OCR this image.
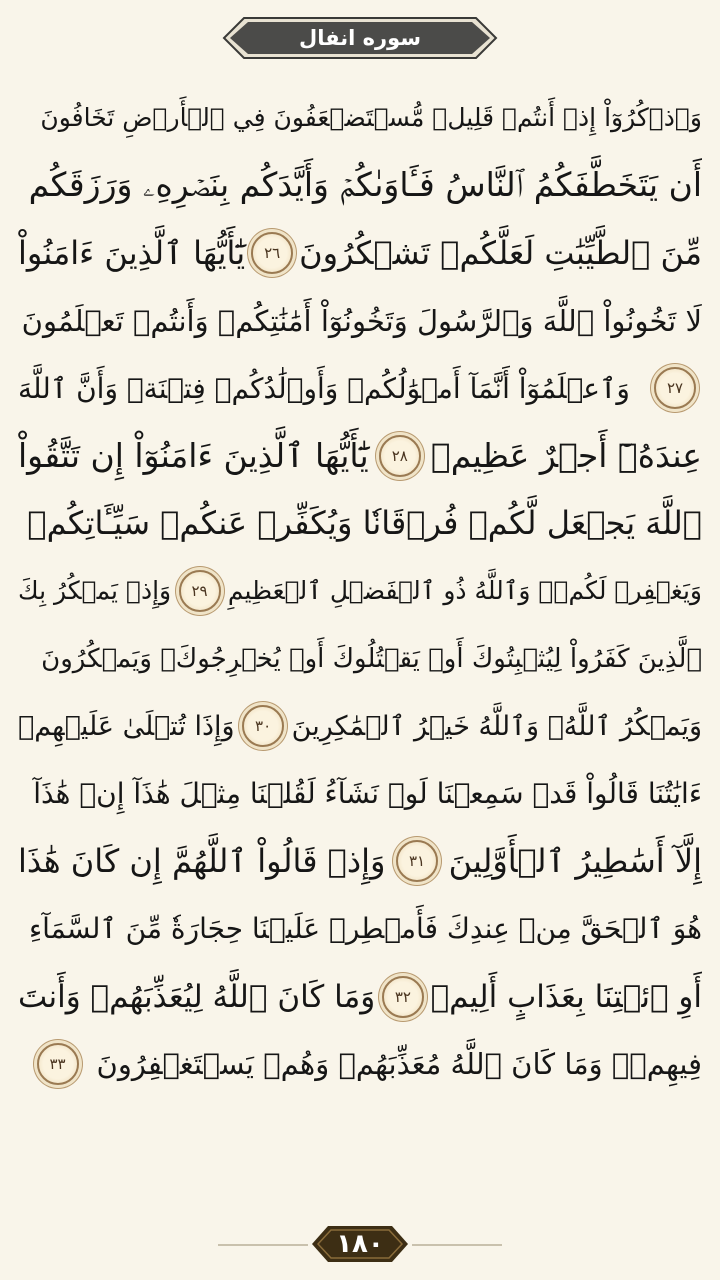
سوره انفال
وَٱذۡكُرُوٓاْ إِذۡ أَنتُمۡ قَلِيلٞ مُّسۡتَضۡعَفُونَ فِي ٱلۡأَرۡضِ تَخَافُونَ
أَن يَتَخَطَّفَكُمُ ٱلنَّاسُ فَـَٔاوَىٰكُمۡ وَأَيَّدَكُم بِنَصۡرِهِۦ وَرَزَقَكُم
مِّنَ ٱلطَّيِّبَٰتِ لَعَلَّكُمۡ تَشۡكُرُونَ
٢٦
يَٰٓأَيُّهَا ٱلَّذِينَ ءَامَنُواْ
لَا تَخُونُواْ ٱللَّهَ وَٱلرَّسُولَ وَتَخُونُوٓاْ أَمَٰنَٰتِكُمۡ وَأَنتُمۡ تَعۡلَمُونَ
٢٧
وَٱعۡلَمُوٓاْ أَنَّمَآ أَمۡوَٰلُكُمۡ وَأَوۡلَٰدُكُمۡ فِتۡنَةٞ وَأَنَّ ٱللَّهَ
عِندَهُۥٓ أَجۡرٌ عَظِيمٞ
٢٨
يَٰٓأَيُّهَا ٱلَّذِينَ ءَامَنُوٓاْ إِن تَتَّقُواْ
ٱللَّهَ يَجۡعَل لَّكُمۡ فُرۡقَانٗا وَيُكَفِّرۡ عَنكُمۡ سَيِّـَٔاتِكُمۡ
وَيَغۡفِرۡ لَكُمۡۗ وَٱللَّهُ ذُو ٱلۡفَضۡلِ ٱلۡعَظِيمِ
٢٩
وَإِذۡ يَمۡكُرُ بِكَ
ٱلَّذِينَ كَفَرُواْ لِيُثۡبِتُوكَ أَوۡ يَقۡتُلُوكَ أَوۡ يُخۡرِجُوكَۚ وَيَمۡكُرُونَ
وَيَمۡكُرُ ٱللَّهُۖ وَٱللَّهُ خَيۡرُ ٱلۡمَٰكِرِينَ
٣٠
وَإِذَا تُتۡلَىٰ عَلَيۡهِمۡ
ءَايَٰتُنَا قَالُواْ قَدۡ سَمِعۡنَا لَوۡ نَشَآءُ لَقُلۡنَا مِثۡلَ هَٰذَآ إِنۡ هَٰذَآ
إِلَّآ أَسَٰطِيرُ ٱلۡأَوَّلِينَ
٣١
وَإِذۡ قَالُواْ ٱللَّهُمَّ إِن كَانَ هَٰذَا
هُوَ ٱلۡحَقَّ مِنۡ عِندِكَ فَأَمۡطِرۡ عَلَيۡنَا حِجَارَةٗ مِّنَ ٱلسَّمَآءِ
أَوِ ٱئۡتِنَا بِعَذَابٍ أَلِيمٖ
٣٢
وَمَا كَانَ ٱللَّهُ لِيُعَذِّبَهُمۡ وَأَنتَ
فِيهِمۡۚ وَمَا كَانَ ٱللَّهُ مُعَذِّبَهُمۡ وَهُمۡ يَسۡتَغۡفِرُونَ
٣٣
١٨٠
